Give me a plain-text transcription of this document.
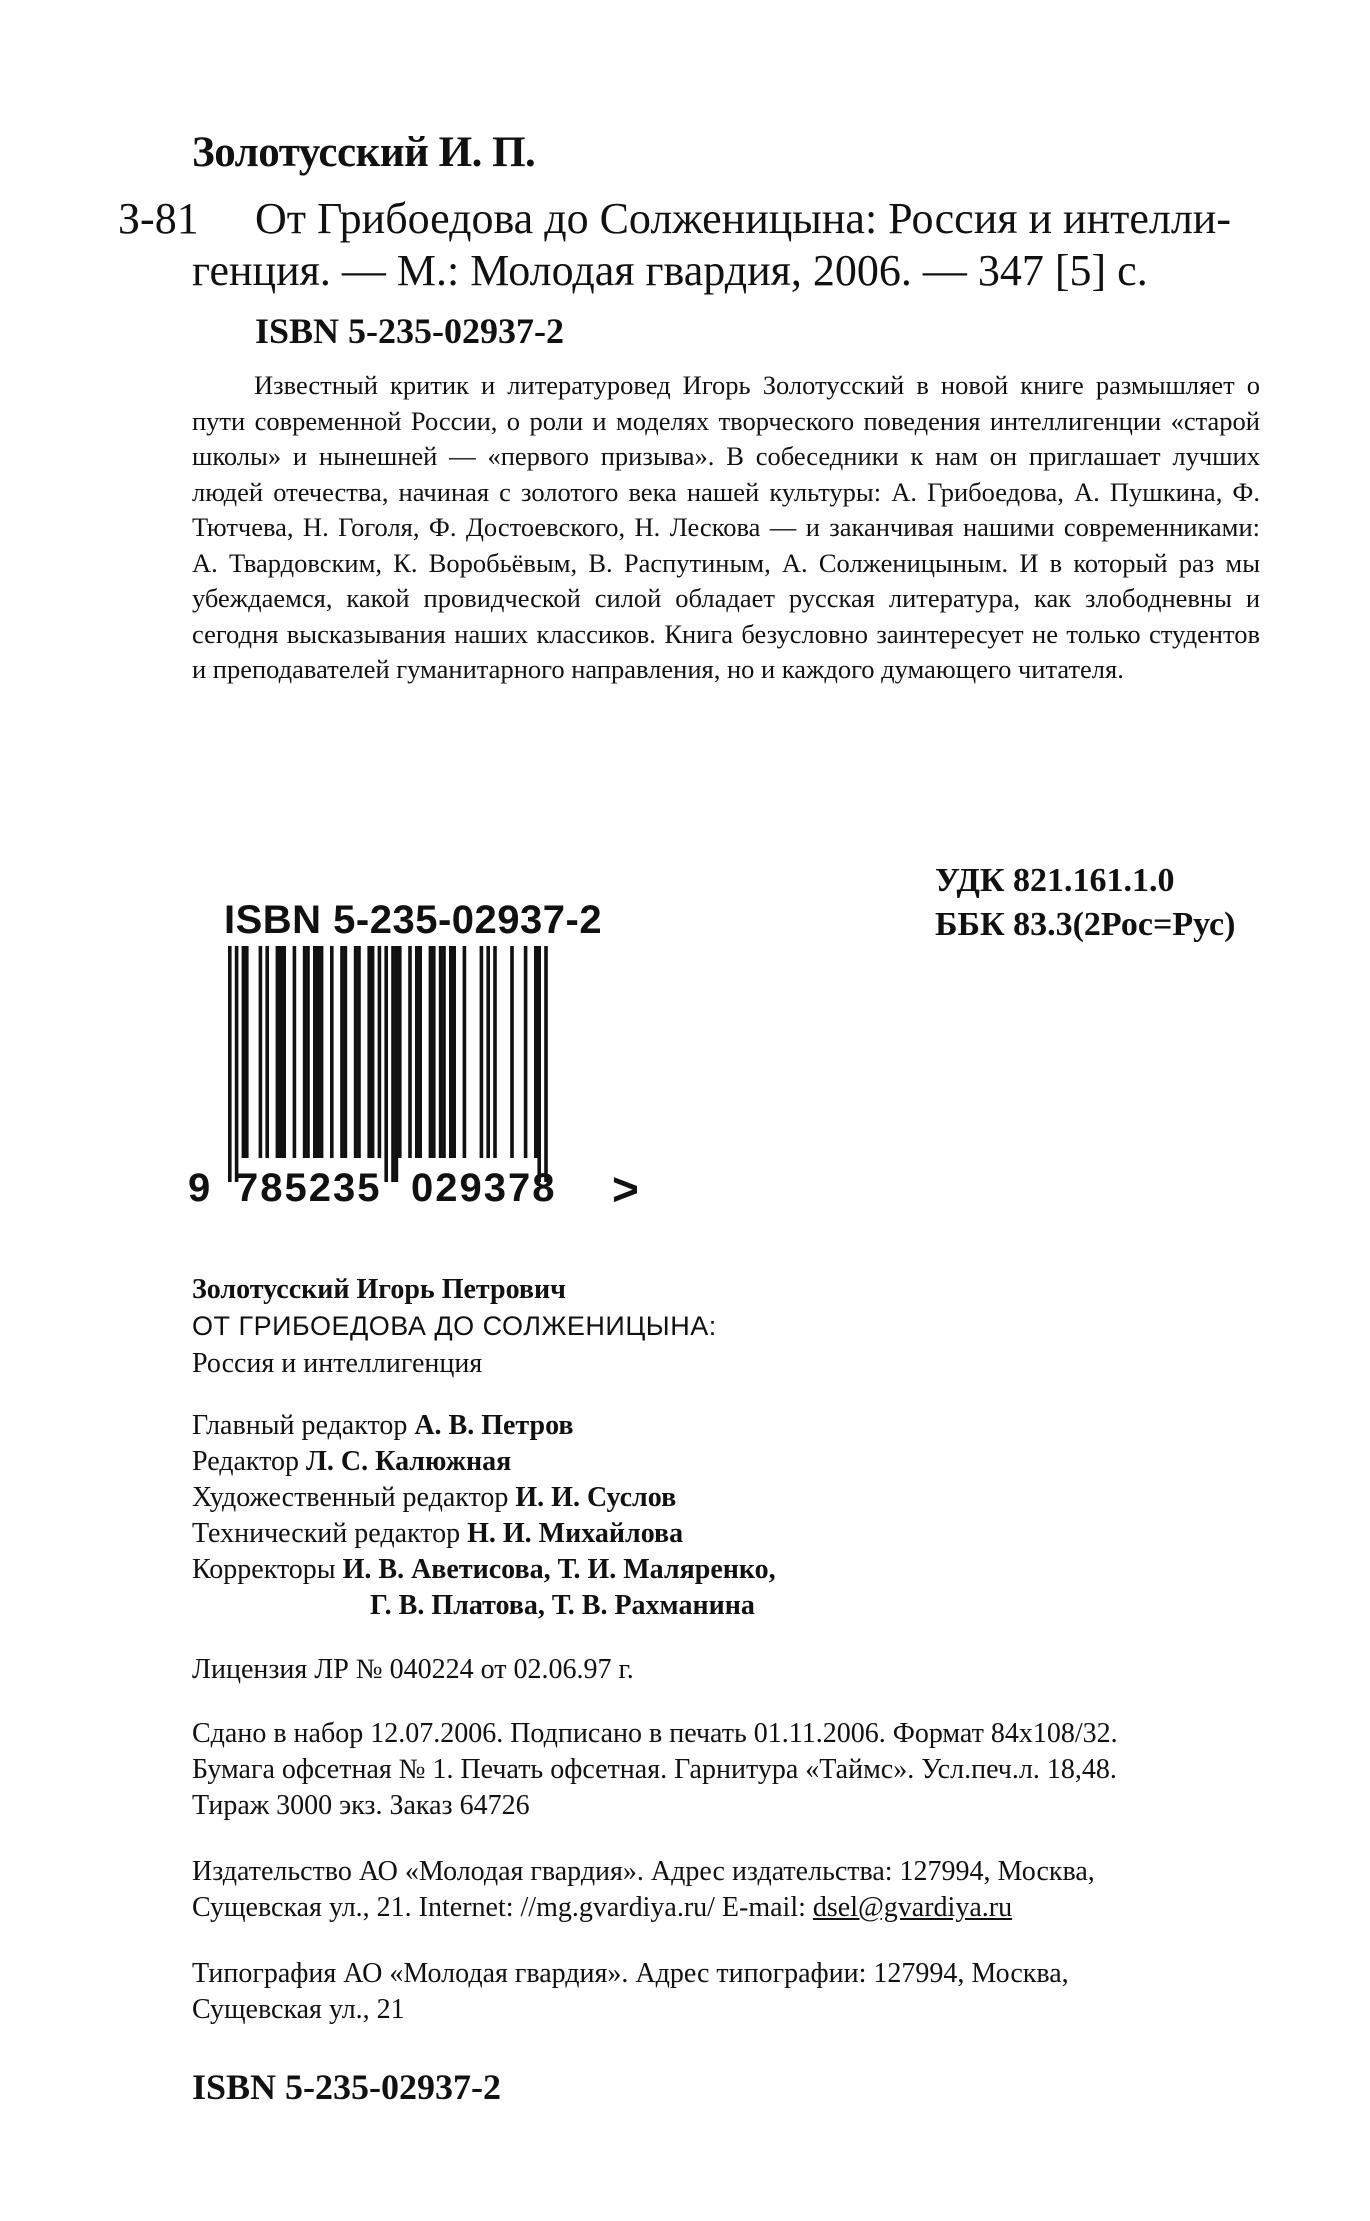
Золотусский И. П.
З-81 От Грибоедова до Солженицына: Россия и интелли-
генция. — М.: Молодая гвардия, 2006. — 347 [5] с.
ISBN 5-235-02937-2
Известный критик и литературовед Игорь Золотусский в новой книге размышляет о пути современной России, о роли и моделях творческого поведения интеллигенции «старой школы» и нынешней — «первого призыва». В собеседники к нам он приглашает лучших людей отечества, начиная с золотого века нашей культуры: А. Грибоедова, А. Пушкина, Ф. Тютчева, Н. Гоголя, Ф. Достоевского, Н. Лескова — и заканчивая нашими современниками: А. Твардовским, К. Воробьёвым, В. Распутиным, А. Солженицыным. И в который раз мы убеждаемся, какой провидческой силой обладает русская литература, как злободневны и сегодня высказывания наших классиков. Книга безусловно заинтересует не только студентов и преподавателей гуманитарного направления, но и каждого думающего читателя.
УДК 821.161.1.0
ББК 83.3(2Рос=Рус)
ISBN 5-235-02937-2
9 785235 029378 >
Золотусский Игорь Петрович
ОТ ГРИБОЕДОВА ДО СОЛЖЕНИЦЫНА:
Россия и интеллигенция
Главный редактор А. В. Петров
Редактор Л. С. Калюжная
Художественный редактор И. И. Суслов
Технический редактор Н. И. Михайлова
Корректоры И. В. Аветисова, Т. И. Маляренко,
Г. В. Платова, Т. В. Рахманина
Лицензия ЛР № 040224 от 02.06.97 г.
Сдано в набор 12.07.2006. Подписано в печать 01.11.2006. Формат 84х108/32.
Бумага офсетная № 1. Печать офсетная. Гарнитура «Таймс». Усл.печ.л. 18,48.
Тираж 3000 экз. Заказ 64726
Издательство АО «Молодая гвардия». Адрес издательства: 127994, Москва,
Сущевская ул., 21. Internet: //mg.gvardiya.ru/ E-mail: dsel@gvardiya.ru
Типография АО «Молодая гвардия». Адрес типографии: 127994, Москва,
Сущевская ул., 21
ISBN 5-235-02937-2
